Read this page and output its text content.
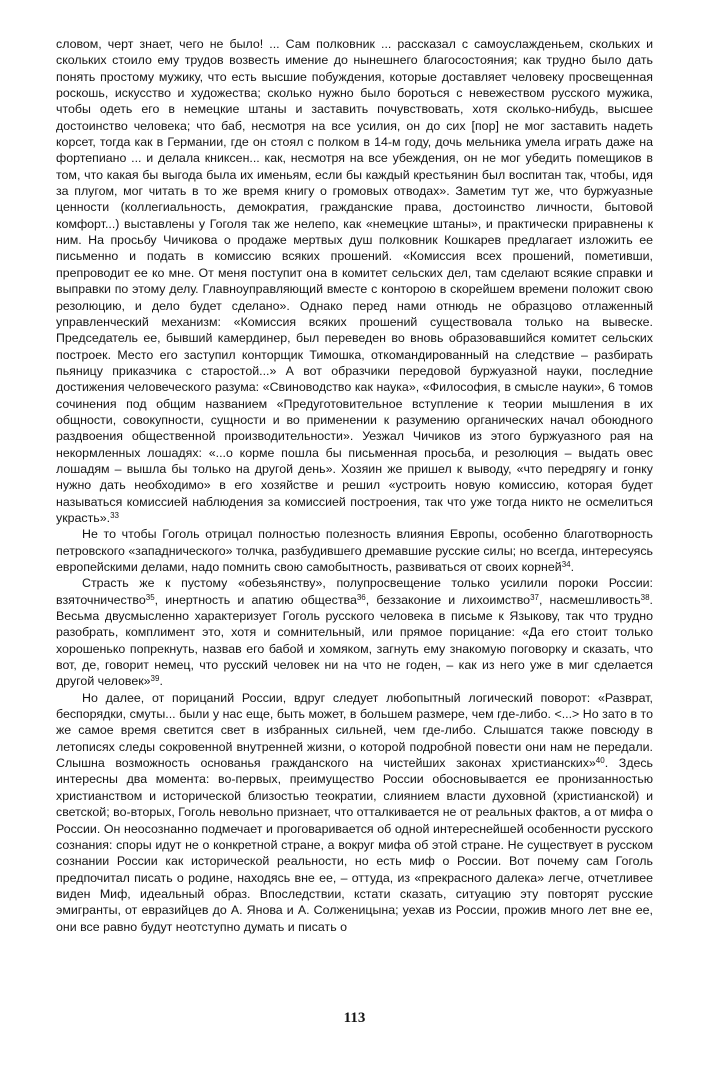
словом, черт знает, чего не было! ... Сам полковник ... рассказал с самоуслажденьем, скольких и скольких стоило ему трудов возвесть имение до нынешнего благосостояния; как трудно было дать понять простому мужику, что есть высшие побуждения, которые доставляет человеку просвещенная роскошь, искусство и художества; сколько нужно было бороться с невежеством русского мужика, чтобы одеть его в немецкие штаны и заставить почувствовать, хотя сколько-нибудь, высшее достоинство человека; что баб, несмотря на все усилия, он до сих [пор] не мог заставить надеть корсет, тогда как в Германии, где он стоял с полком в 14-м году, дочь мельника умела играть даже на фортепиано ... и делала книксен... как, несмотря на все убеждения, он не мог убедить помещиков в том, что какая бы выгода была их именьям, если бы каждый крестьянин был воспитан так, чтобы, идя за плугом, мог читать в то же время книгу о громовых отводах». Заметим тут же, что буржуазные ценности (коллегиальность, демократия, гражданские права, достоинство личности, бытовой комфорт...) выставлены у Гоголя так же нелепо, как «немецкие штаны», и практически приравнены к ним. На просьбу Чичикова о продаже мертвых душ полковник Кошкарев предлагает изложить ее письменно и подать в комиссию всяких прошений. «Комиссия всех прошений, пометивши, препроводит ее ко мне. От меня поступит она в комитет сельских дел, там сделают всякие справки и выправки по этому делу. Главноуправляющий вместе с конторою в скорейшем времени положит свою резолюцию, и дело будет сделано». Однако перед нами отнюдь не образцово отлаженный управленческий механизм: «Комиссия всяких прошений существовала только на вывеске. Председатель ее, бывший камердинер, был переведен во вновь образовавшийся комитет сельских построек. Место его заступил конторщик Тимошка, откомандированный на следствие – разбирать пьяницу приказчика с старостой...» А вот образчики передовой буржуазной науки, последние достижения человеческого разума: «Свиноводство как наука», «Философия, в смысле науки», 6 томов сочинения под общим названием «Предуготовительное вступление к теории мышления в их общности, совокупности, сущности и во применении к разумению органических начал обоюдного раздвоения общественной производительности». Уезжал Чичиков из этого буржуазного рая на некормленных лошадях: «...о корме пошла бы письменная просьба, и резолюция – выдать овес лошадям – вышла бы только на другой день». Хозяин же пришел к выводу, «что передрягу и гонку нужно дать необходимо» в его хозяйстве и решил «устроить новую комиссию, которая будет называться комиссией наблюдения за комиссией построения, так что уже тогда никто не осмелиться украсть».$^{33}$

Не то чтобы Гоголь отрицал полностью полезность влияния Европы, особенно благотворность петровского «западнического» толчка, разбудившего дремавшие русские силы; но всегда, интересуясь европейскими делами, надо помнить свою самобытность, развиваться от своих корней$^{34}$.

Страсть же к пустому «обезьянству», полупросвещение только усилили пороки России: взяточничество$^{35}$, инертность и апатию общества$^{36}$, беззаконие и лихоимство$^{37}$, насмешливость$^{38}$. Весьма двусмысленно характеризует Гоголь русского человека в письме к Языкову, так что трудно разобрать, комплимент это, хотя и сомнительный, или прямое порицание: «Да его стоит только хорошенько попрекнуть, назвав его бабой и хомяком, загнуть ему знакомую поговорку и сказать, что вот, де, говорит немец, что русский человек ни на что не годен, – как из него уже в миг сделается другой человек»$^{39}$.

Но далее, от порицаний России, вдруг следует любопытный логический поворот: «Разврат, беспорядки, смуты... были у нас еще, быть может, в большем размере, чем где-либо. <...> Но зато в то же самое время светится свет в избранных сильней, чем где-либо. Слышатся также повсюду в летописях следы сокровенной внутренней жизни, о которой подробной повести они нам не передали. Слышна возможность основанья гражданского на чистейших законах христианских»$^{40}$. Здесь интересны два момента: во-первых, преимущество России обосновывается ее пронизанностью христианством и исторической близостью теократии, слиянием власти духовной (христианской) и светской; во-вторых, Гоголь невольно признает, что отталкивается не от реальных фактов, а от мифа о России. Он неосознанно подмечает и проговаривается об одной интереснейшей особенности русского сознания: споры идут не о конкретной стране, а вокруг мифа об этой стране. Не существует в русском сознании России как исторической реальности, но есть миф о России. Вот почему сам Гоголь предпочитал писать о родине, находясь вне ее, – оттуда, из «прекрасного далека» легче, отчетливее виден Миф, идеальный образ. Впоследствии, кстати сказать, ситуацию эту повторят русские эмигранты, от евразийцев до А. Янова и А. Солженицына; уехав из России, прожив много лет вне ее, они все равно будут неотступно думать и писать о

113
